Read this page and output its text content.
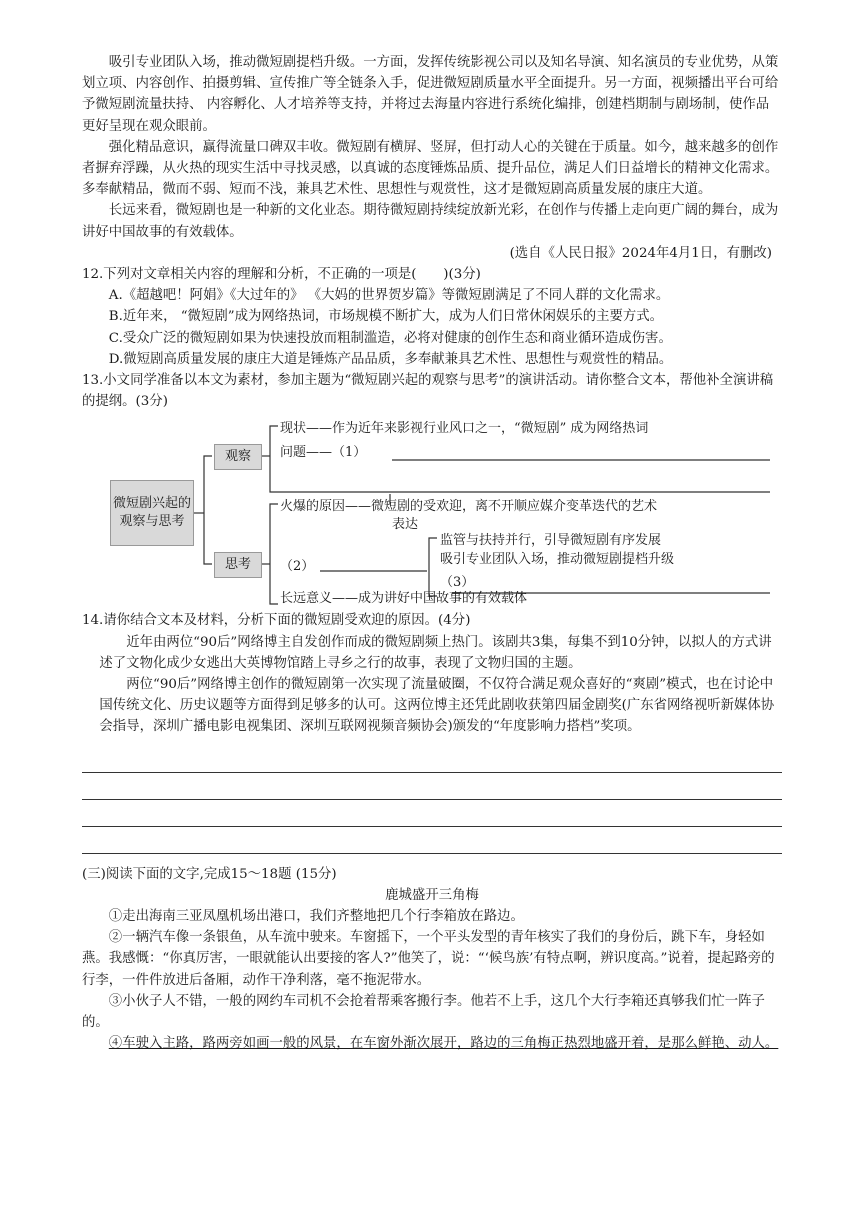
吸引专业团队入场，推动微短剧提档升级。一方面，发挥传统影视公司以及知名导演、知名演员的专业优势，从策划立项、内容创作、拍摄剪辑、宣传推广等全链条入手，促进微短剧质量水平全面提升。另一方面，视频播出平台可给予微短剧流量扶持、 内容孵化、人才培养等支持，并将过去海量内容进行系统化编排，创建档期制与剧场制，使作品更好呈现在观众眼前。

强化精品意识，赢得流量口碑双丰收。微短剧有横屏、竖屏，但打动人心的关键在于质量。如今，越来越多的创作者摒弃浮躁，从火热的现实生活中寻找灵感，以真诚的态度锤炼品质、提升品位，满足人们日益增长的精神文化需求。多奉献精品，微而不弱、短而不浅，兼具艺术性、思想性与观赏性，这才是微短剧高质量发展的康庄大道。

长远来看，微短剧也是一种新的文化业态。期待微短剧持续绽放新光彩，在创作与传播上走向更广阔的舞台，成为讲好中国故事的有效载体。

(选自《人民日报》2024年4月1日，有删改)

12.下列对文章相关内容的理解和分析，不正确的一项是(　　)(3分)

A.《超越吧！阿娟》《大过年的》 《大妈的世界贺岁篇》等微短剧满足了不同人群的文化需求。

B.近年来， “微短剧”成为网络热词，市场规模不断扩大，成为人们日常休闲娱乐的主要方式。

C.受众广泛的微短剧如果为快速投放而粗制滥造，必将对健康的创作生态和商业循环造成伤害。

D.微短剧高质量发展的康庄大道是锤炼产品品质，多奉献兼具艺术性、思想性与观赏性的精品。

13.小文同学准备以本文为素材，参加主题为“微短剧兴起的观察与思考”的演讲活动。请你整合文本，帮他补全演讲稿的提纲。(3分)

微短剧兴起的观察与思考
观察
思考
现状——作为近年来影视行业风口之一，“微短剧” 成为网络热词
问题——（1）
火爆的原因——微短剧的受欢迎，离不开顺应媒介变革迭代的艺术
表达
（2）
监管与扶持并行，引导微短剧有序发展
吸引专业团队入场，推动微短剧提档升级
（3）
长远意义——成为讲好中国故事的有效载体

14.请你结合文本及材料，分析下面的微短剧受欢迎的原因。(4分)

近年由两位“90后”网络博主自发创作而成的微短剧频上热门。该剧共3集，每集不到10分钟，以拟人的方式讲述了文物化成少女逃出大英博物馆踏上寻乡之行的故事，表现了文物归国的主题。

两位“90后”网络博主创作的微短剧第一次实现了流量破圈，不仅符合满足观众喜好的“爽剧”模式，也在讨论中国传统文化、历史议题等方面得到足够多的认可。这两位博主还凭此剧收获第四届金剧奖(广东省网络视听新媒体协会指导，深圳广播电影电视集团、深圳互联网视频音频协会)颁发的“年度影响力搭档”奖项。

(三)阅读下面的文字,完成15～18题 (15分)

鹿城盛开三角梅

①走出海南三亚凤凰机场出港口，我们齐整地把几个行李箱放在路边。

②一辆汽车像一条银鱼，从车流中驶来。车窗摇下，一个平头发型的青年核实了我们的身份后，跳下车，身轻如燕。我感慨：“你真厉害，一眼就能认出要接的客人?”他笑了，说：“‘候鸟族’有特点啊，辨识度高。”说着，提起路旁的行李，一件件放进后备厢，动作干净利落，毫不拖泥带水。

③小伙子人不错，一般的网约车司机不会抢着帮乘客搬行李。他若不上手，这几个大行李箱还真够我们忙一阵子的。

④车驶入主路，路两旁如画一般的风景，在车窗外渐次展开，路边的三角梅正热烈地盛开着，是那么鲜艳、动人。
